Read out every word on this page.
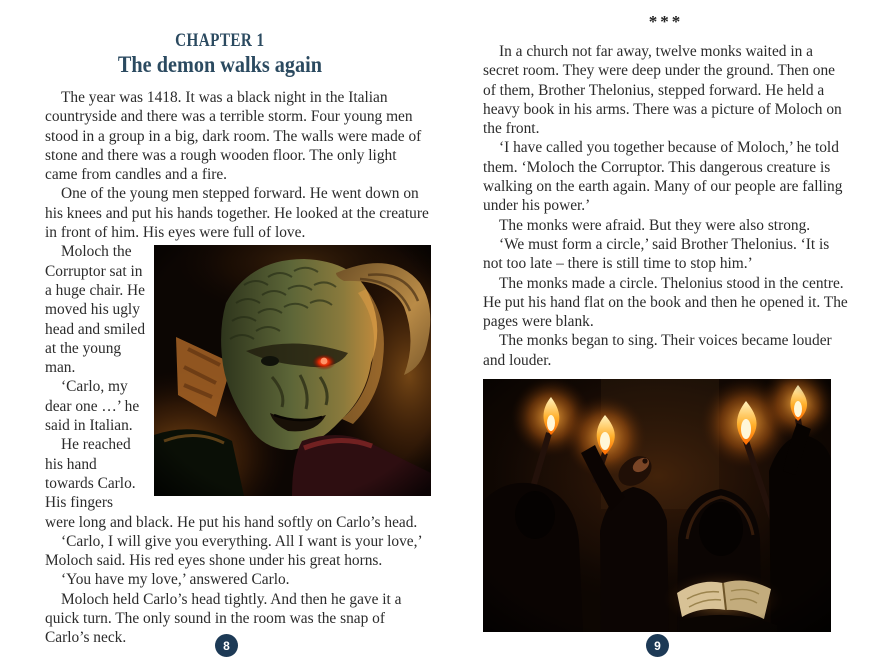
CHAPTER 1
The demon walks again

The year was 1418. It was a black night in the Italian countryside and there was a terrible storm. Four young men stood in a group in a big, dark room. The walls were made of stone and there was a rough wooden floor. The only light came from candles and a fire.

One of the young men stepped forward. He went down on his knees and put his hands together. He looked at the creature in front of him. His eyes were full of love.

Moloch the Corruptor sat in a huge chair. He moved his ugly head and smiled at the young man.

‘Carlo, my dear one …’ he said in Italian.

He reached his hand towards Carlo. His fingers were long and black. He put his hand softly on Carlo’s head.

‘Carlo, I will give you everything. All I want is your love,’ Moloch said. His red eyes shone under his great horns.

‘You have my love,’ answered Carlo.

Moloch held Carlo’s head tightly. And then he gave it a quick turn. The only sound in the room was the snap of Carlo’s neck.

***

In a church not far away, twelve monks waited in a secret room. They were deep under the ground. Then one of them, Brother Thelonius, stepped forward. He held a heavy book in his arms. There was a picture of Moloch on the front.

‘I have called you together because of Moloch,’ he told them. ‘Moloch the Corruptor. This dangerous creature is walking on the earth again. Many of our people are falling under his power.’

The monks were afraid. But they were also strong.

‘We must form a circle,’ said Brother Thelonius. ‘It is not too late – there is still time to stop him.’

The monks made a circle. Thelonius stood in the centre. He put his hand flat on the book and then he opened it. The pages were blank.

The monks began to sing. Their voices became louder and louder.

8	9
